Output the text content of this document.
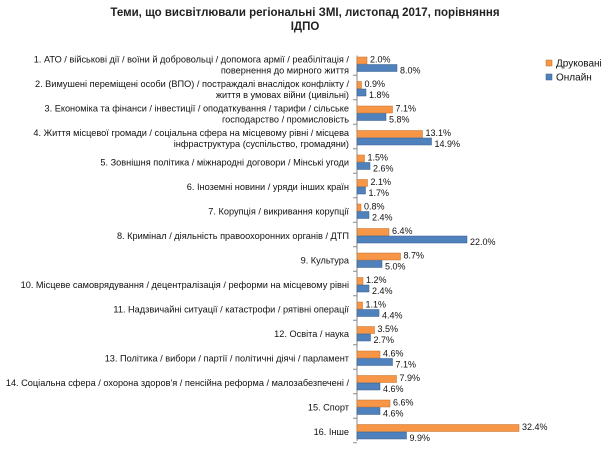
Теми, що висвітлювали регіональні ЗМІ, листопад 2017, порівняння
ІДПО
2.0%
8.0%
1. АТО / військові дії / воїни й добровольці / допомога армії / реабілітація /
повернення до мирного життя
0.9%
1.8%
2. Вимушені переміщені особи (ВПО) / постраждалі внаслідок конфлікту /
життя в умовах війни (цивільні)
7.1%
5.8%
3. Економіка та фінанси / інвестиції / оподаткування / тарифи / сільське
господарство / промисловість
13.1%
14.9%
4. Життя місцевої громади / соціальна сфера на місцевому рівні / місцева
інфраструктура (суспільство, громадяни)
1.5%
2.6%
5. Зовнішня політика / міжнародні договори / Мінські угоди
2.1%
1.7%
6. Іноземні новини / уряди інших країн
0.8%
2.4%
7. Корупція / викривання корупції
6.4%
22.0%
8. Кримінал / діяльність правоохоронних органів / ДТП
8.7%
5.0%
9. Культура
1.2%
2.4%
10. Місцеве самоврядування / децентралізація / реформи на місцевому рівні
1.1%
4.4%
11. Надзвичайні ситуації / катастрофи / рятівні операції
3.5%
2.7%
12. Освіта / наука
4.6%
7.1%
13. Політика / вибори / партії / політичні діячі / парламент
7.9%
4.6%
14. Соціальна сфера / охорона здоров'я / пенсійна реформа / малозабезпечені /
6.6%
4.6%
15. Спорт
32.4%
9.9%
16. Інше
Друковані
Онлайн
